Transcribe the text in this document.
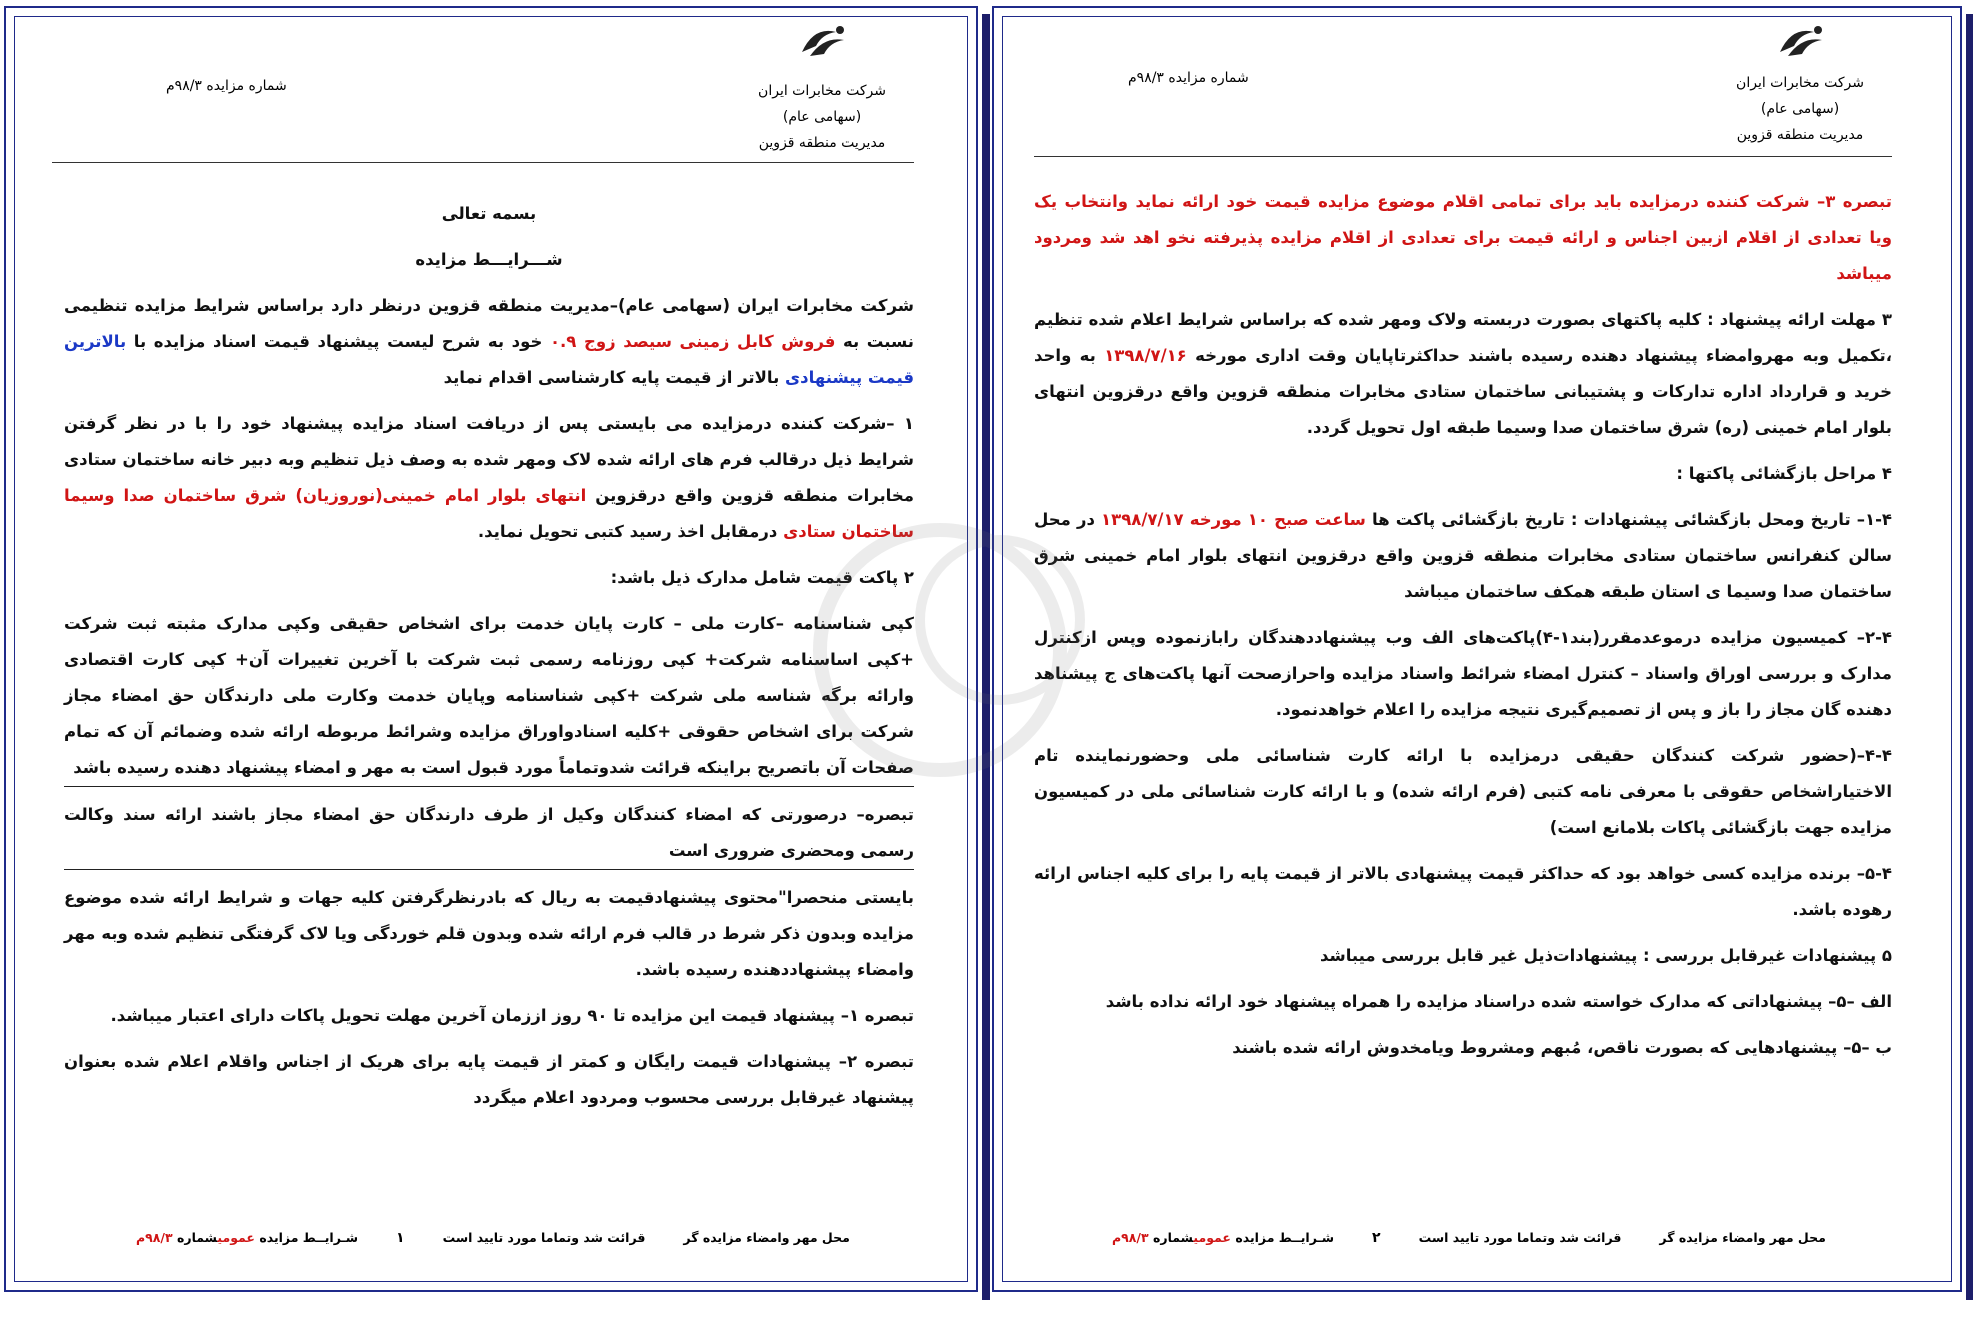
شرکت مخابرات ایران
(سهامی عام)
مدیریت منطقه قزوین
شماره مزایده ۹۸/۳م

بسمه تعالی

شـــرایـــط مزایده

شرکت مخابرات ایران (سهامی عام)–مدیریت منطقه قزوین درنظر دارد براساس شرایط مزایده تنظیمی نسبت به فروش کابل زمینی سیصد زوج ۰.۹ خود به شرح لیست پیشنهاد قیمت اسناد مزایده با بالاترین قیمت پیشنهادی بالاتر از قیمت پایه کارشناسی اقدام نماید

۱ –شرکت کننده درمزایده می بایستی پس از دریافت اسناد مزایده پیشنهاد خود را با در نظر گرفتن شرایط ذیل درقالب فرم های ارائه شده لاک ومهر شده به وصف ذیل تنظیم وبه دبیر خانه ساختمان ستادی مخابرات منطقه قزوین واقع درقزوین انتهای بلوار امام خمینی(نوروزیان) شرق ساختمان صدا وسیما ساختمان ستادی درمقابل اخذ رسید کتبی تحویل نماید.

۲ پاکت قیمت شامل مدارک ذیل باشد:

کپی شناسنامه –کارت ملی – کارت پایان خدمت برای اشخاص حقیقی وکپی مدارک مثبته ثبت شرکت +کپی اساسنامه شرکت+ کپی روزنامه رسمی ثبت شرکت با آخرین تغییرات آن+ کپی کارت اقتصادی وارائه برگه شناسه ملی شرکت +کپی شناسنامه وپایان خدمت وکارت ملی دارندگان حق امضاء مجاز شرکت برای اشخاص حقوقی +کلیه اسنادواوراق مزایده وشرائط مربوطه ارائه شده وضمائم آن که تمام صفحات آن باتصریح براینکه قرائت شدوتماماً مورد قبول است به مهر و امضاء پیشنهاد دهنده رسیده باشد

تبصره– درصورتی که امضاء کنندگان وکیل از طرف دارندگان حق امضاء مجاز باشند ارائه سند وکالت رسمی ومحضری ضروری است

بایستی منحصرا"محتوی پیشنهادقیمت به ریال که بادرنظرگرفتن کلیه جهات و شرایط ارائه شده موضوع مزایده وبدون ذکر شرط در قالب فرم ارائه شده وبدون قلم خوردگی ویا لاک گرفتگی تنظیم شده وبه مهر وامضاء پیشنهاددهنده رسیده باشد.

تبصره ۱– پیشنهاد قیمت این مزایده تا ۹۰ روز اززمان آخرین مهلت تحویل پاکات دارای اعتبار میباشد.

تبصره ۲– پیشنهادات قیمت رایگان و کمتر از قیمت پایه برای هریک از اجناس واقلام اعلام شده بعنوان پیشنهاد غیرقابل بررسی محسوب ومردود اعلام میگردد

محل مهر وامضاء مزایده گر
قرائت شد وتماما مورد تایید است
۱
شـرایــط مزایده عمومیشماره ۹۸/۳م
شرکت مخابرات ایران
(سهامی عام)
مدیریت منطقه قزوین
شماره مزایده ۹۸/۳م

تبصره ۳– شرکت کننده درمزایده باید برای تمامی اقلام موضوع مزایده قیمت خود ارائه نماید وانتخاب یک ویا تعدادی از اقلام ازبین اجناس و ارائه قیمت برای تعدادی از اقلام مزایده پذیرفته نخو اهد شد ومردود میباشد

۳ مهلت ارائه پیشنهاد : کلیه پاکتهای بصورت دربسته ولاک ومهر شده که براساس شرایط اعلام شده تنظیم ،تکمیل وبه مهروامضاء پیشنهاد دهنده رسیده باشند حداکثرتاپایان وقت اداری مورخه ۱۳۹۸/۷/۱۶ به واحد خرید و قرارداد اداره تدارکات و پشتیبانی ساختمان ستادی مخابرات منطقه قزوین واقع درقزوین انتهای بلوار امام خمینی (ره) شرق ساختمان صدا وسیما طبقه اول تحویل گردد.

۴ مراحل بازگشائی پاکتها :

۱-۴– تاریخ ومحل بازگشائی پیشنهادات : تاریخ بازگشائی پاکت ها ساعت صبح ۱۰ مورخه ۱۳۹۸/۷/۱۷ در محل سالن کنفرانس ساختمان ستادی مخابرات منطقه قزوین واقع درقزوین انتهای بلوار امام خمینی شرق ساختمان صدا وسیما ی استان طبقه همکف ساختمان میباشد

۲-۴– کمیسیون مزایده درموعدمقرر(بند۱-۴)پاکت‌های الف وب پیشنهاددهندگان رابازنموده وپس ازکنترل مدارک و بررسی اوراق واسناد – کنترل امضاء شرائط واسناد مزایده واحرازصحت آنها پاکت‌های ج پیشناهد دهنده گان مجاز را باز و پس از تصمیم‌گیری نتیجه مزایده را اعلام خواهدنمود.

۴-۴–(حضور شرکت کنندگان حقیقی درمزایده با ارائه کارت شناسائی ملی وحضورنماینده تام الاختیاراشخاص حقوقی با معرفی نامه کتبی (فرم ارائه شده) و با ارائه کارت شناسائی ملی در کمیسیون مزایده جهت بازگشائی پاکات بلامانع است)

۵-۴– برنده مزایده کسی خواهد بود که حداکثر قیمت پیشنهادی بالاتر از قیمت پایه را برای کلیه اجناس ارائه رهوده باشد.

۵ پیشنهادات غیرقابل بررسی : پیشنهادات‌ذیل غیر قابل بررسی میباشد

الف –۵– پیشنهاداتی که مدارک خواسته شده دراسناد مزایده را همراه پیشنهاد خود ارائه نداده باشد

ب –۵– پیشنهادهایی که بصورت ناقص، مُبهم ومشروط ویامخدوش ارائه شده باشند

محل مهر وامضاء مزایده گر
قرائت شد وتماما مورد تایید است
۲
شـرایــط مزایده عمومیشماره ۹۸/۳م
